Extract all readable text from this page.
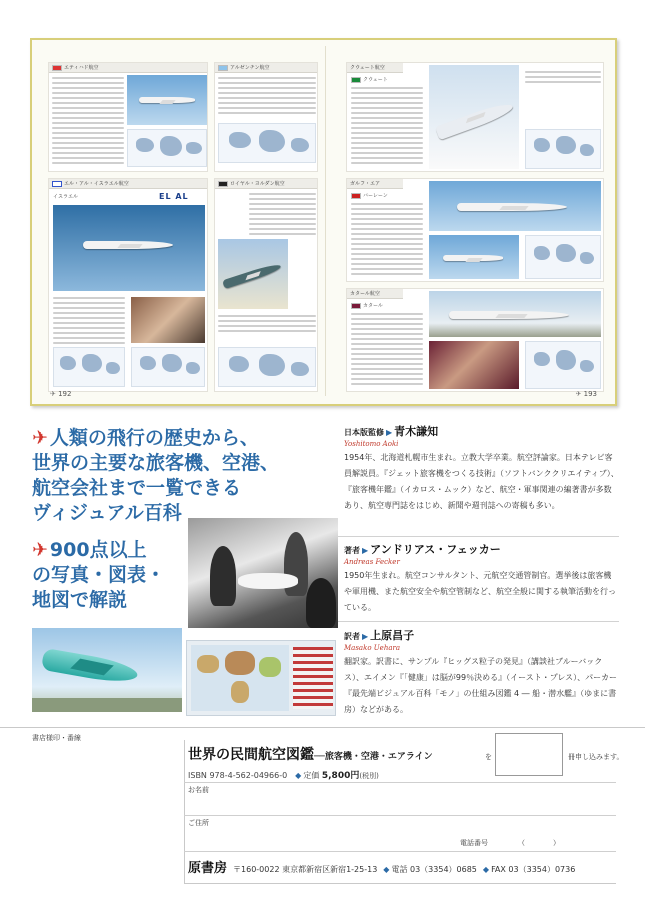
エティハド航空	アルゼンチン航空
エル・アル・イスラエル航空
イスラエル	EL AL
ロイヤル・ヨルダン航空
✈ 192
クウェート航空
クウェート
ガルフ・エア
バーレーン
カタール航空
カタール
✈ 193
✈ 人類の飛行の歴史から、
世界の主要な旅客機、空港、
航空会社まで一覧できる
ヴィジュアル百科
✈ 900点以上
の写真・図表・
地図で解説
日本版監修 ▶ 青木謙知
Yoshitomo Aoki
1954年、北海道札幌市生まれ。立教大学卒業。航空評論家。日本テレビ客員解説員。『ジェット旅客機をつくる技術』（ソフトバンククリエイティブ）、『旅客機年鑑』（イカロス・ムック）など、航空・軍事関連の編著書が多数あり、航空専門誌をはじめ、新聞や週刊誌への寄稿も多い。
著者 ▶ アンドリアス・フェッカー
Andreas Fecker
1950年生まれ。航空コンサルタント、元航空交通管制官。選挙後は旅客機や軍用機、また航空安全や航空管制など、航空全般に関する執筆活動を行っている。
訳者 ▶ 上原昌子
Masako Uehara
翻訳家。訳書に、サンプル『ヒッグス粒子の発見』（講談社ブルーバックス）、エイメン『「健康」は脳が99％決める』（イースト・プレス）、パーカー『最先端ビジュアル百科「モノ」の仕組み図鑑 4 ― 船・潜水艦』（ゆまに書房）などがある。
書店様印・番線
世界の民間航空図鑑──旅客機・空港・エアライン	を	冊申し込みます。
ISBN 978-4-562-04966-0 ◆ 定価 5,800円(税別)
お名前
ご住所
電話番号	（）
原書房 〒160-0022 東京都新宿区新宿1-25-13 ◆ 電話 03（3354）0685 ◆ FAX 03（3354）0736
